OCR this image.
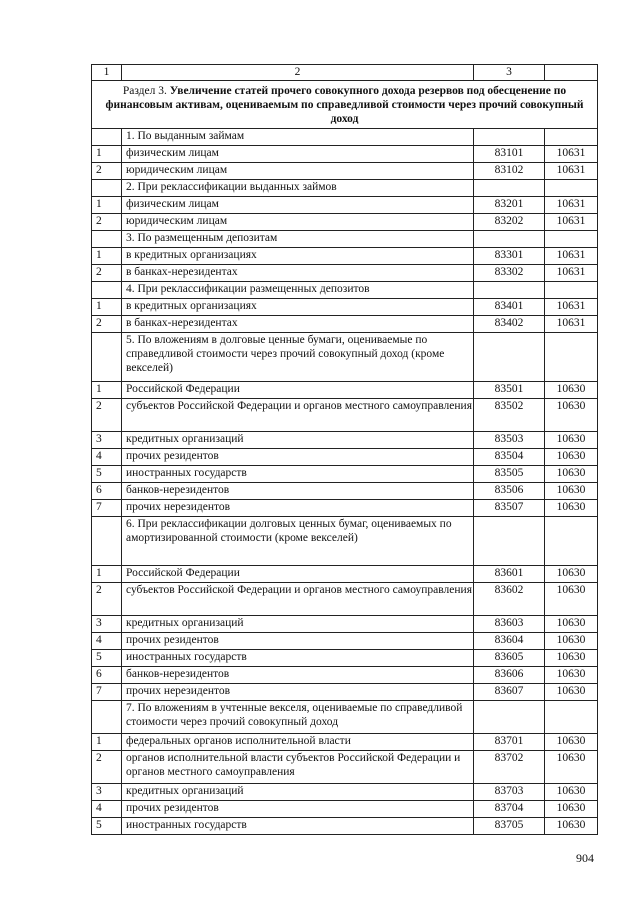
1	2	3	
Раздел 3. Увеличение статей прочего совокупного дохода резервов под обесценение по финансовым активам, оцениваемым по справедливой стоимости через прочий совокупный доход			
	1. По выданным займам		
1	физическим лицам	83101	10631
2	юридическим лицам	83102	10631
	2. При реклассификации выданных займов		
1	физическим лицам	83201	10631
2	юридическим лицам	83202	10631
	3. По размещенным депозитам		
1	в кредитных организациях	83301	10631
2	в банках-нерезидентах	83302	10631
	4. При реклассификации размещенных депозитов		
1	в кредитных организациях	83401	10631
2	в банках-нерезидентах	83402	10631
	5. По вложениям в долговые ценные бумаги, оцениваемые по справедливой стоимости через прочий совокупный доход (кроме векселей)		
1	Российской Федерации	83501	10630
2	субъектов Российской Федерации и органов местного самоуправления	83502	10630
3	кредитных организаций	83503	10630
4	прочих резидентов	83504	10630
5	иностранных государств	83505	10630
6	банков-нерезидентов	83506	10630
7	прочих нерезидентов	83507	10630
	6. При реклассификации долговых ценных бумаг, оцениваемых по амортизированной стоимости (кроме векселей)		
1	Российской Федерации	83601	10630
2	субъектов Российской Федерации и органов местного самоуправления	83602	10630
3	кредитных организаций	83603	10630
4	прочих резидентов	83604	10630
5	иностранных государств	83605	10630
6	банков-нерезидентов	83606	10630
7	прочих нерезидентов	83607	10630
	7. По вложениям в учтенные векселя, оцениваемые по справедливой стоимости через прочий совокупный доход		
1	федеральных органов исполнительной власти	83701	10630
2	органов исполнительной власти субъектов Российской Федерации и органов местного самоуправления	83702	10630
3	кредитных организаций	83703	10630
4	прочих резидентов	83704	10630
5	иностранных государств	83705	10630
904
